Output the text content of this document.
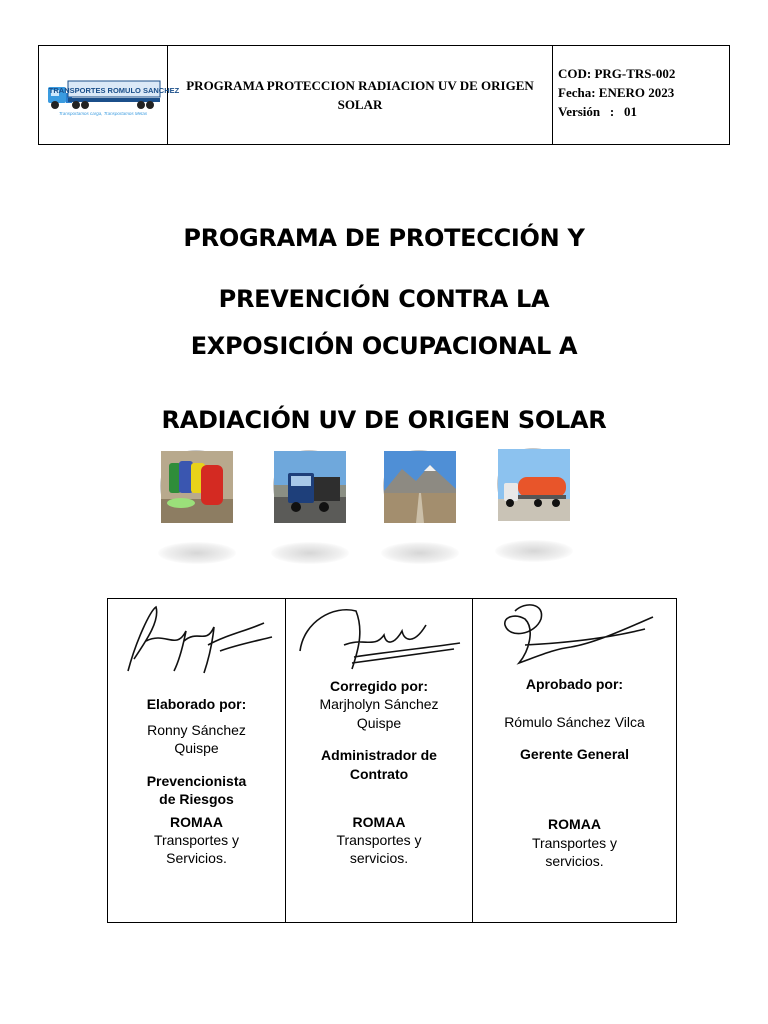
TRANSPORTES ROMULO SANCHEZ
Transportamos carga, Transportamos Metas
PROGRAMA PROTECCION RADIACION UV DE ORIGEN SOLAR
COD: PRG-TRS-002
Fecha: ENERO 2023
Versión   :   01
PROGRAMA DE PROTECCIÓN Y
PREVENCIÓN CONTRA LA
EXPOSICIÓN OCUPACIONAL A
RADIACIÓN UV DE ORIGEN SOLAR
Elaborado por:
Ronny Sánchez
Quispe
Prevencionista
de Riesgos
ROMAA
Transportes y
Servicios.
Corregido por:
Marjholyn Sánchez
Quispe
Administrador de
Contrato
ROMAA
Transportes y
servicios.
Aprobado por:
Rómulo Sánchez Vilca
Gerente General
ROMAA
Transportes y
servicios.
